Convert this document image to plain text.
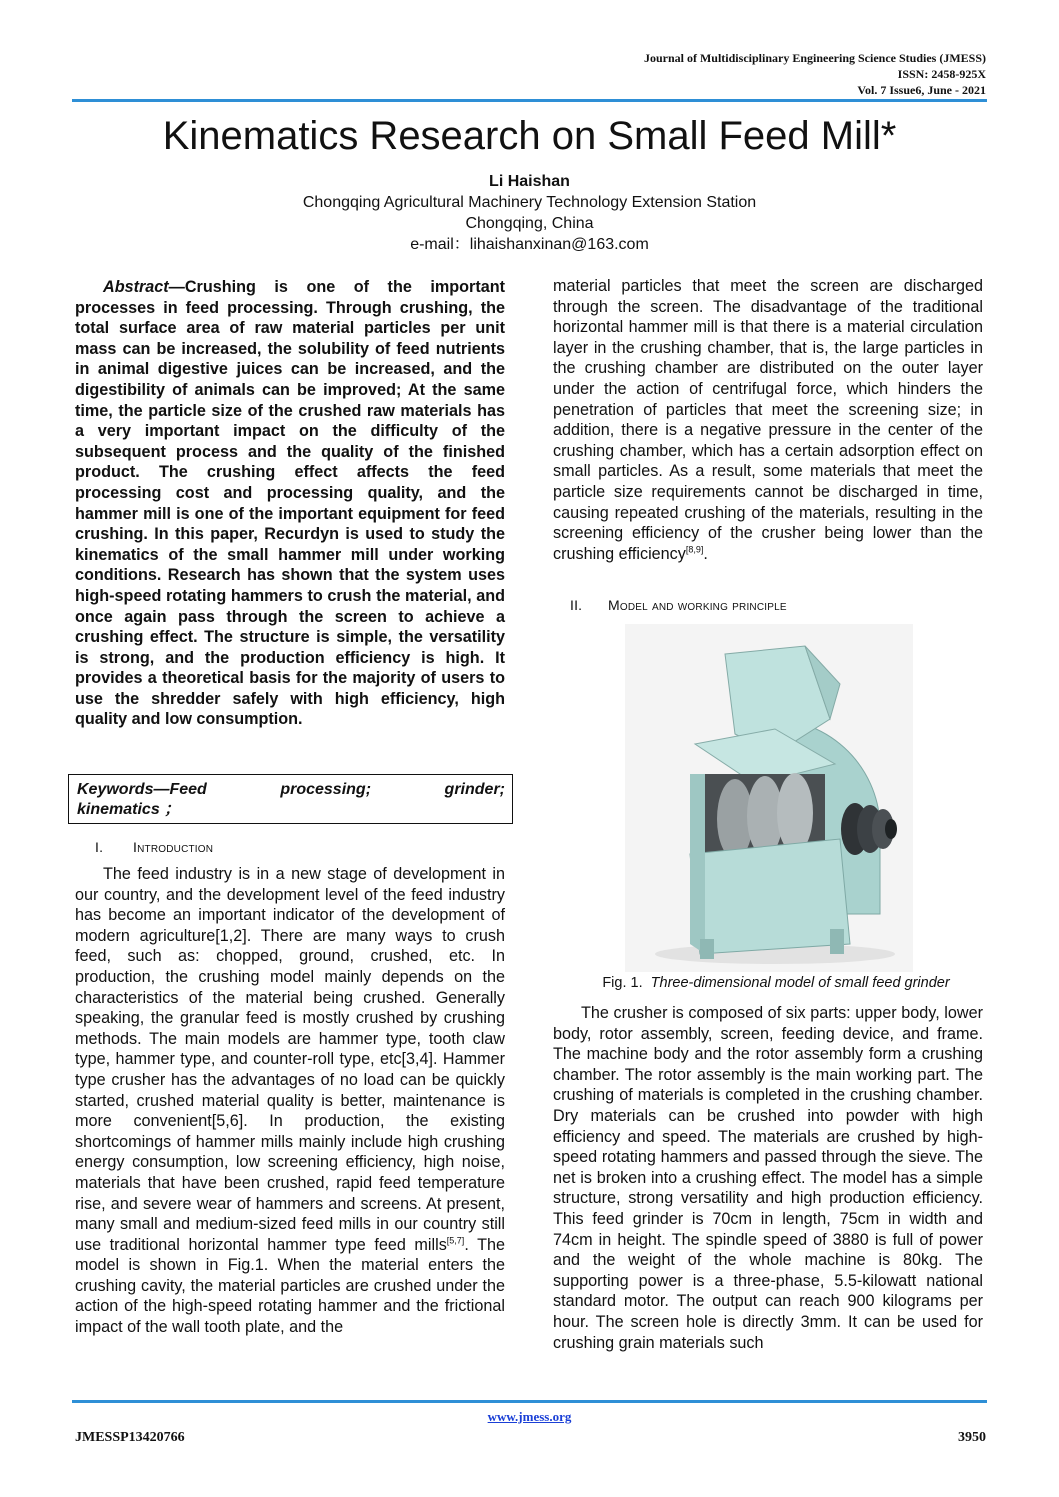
Journal of Multidisciplinary Engineering Science Studies (JMESS)
ISSN: 2458-925X
Vol. 7 Issue6, June - 2021
Kinematics Research on Small Feed Mill*
Li Haishan
Chongqing Agricultural Machinery Technology Extension Station
Chongqing, China
e-mail：lihaishanxinan@163.com

Abstract—Crushing is one of the important processes in feed processing. Through crushing, the total surface area of raw material particles per unit mass can be increased, the solubility of feed nutrients in animal digestive juices can be increased, and the digestibility of animals can be improved; At the same time, the particle size of the crushed raw materials has a very important impact on the difficulty of the subsequent process and the quality of the finished product. The crushing effect affects the feed processing cost and processing quality, and the hammer mill is one of the important equipment for feed crushing. In this paper, Recurdyn is used to study the kinematics of the small hammer mill under working conditions. Research has shown that the system uses high-speed rotating hammers to crush the material, and once again pass through the screen to achieve a crushing effect. The structure is simple, the versatility is strong, and the production efficiency is high. It provides a theoretical basis for the majority of users to use the shredder safely with high efficiency, high quality and low consumption.

Keywords—Feed processing; grinder;
kinematics ；
I. Introduction

The feed industry is in a new stage of development in our country, and the development level of the feed industry has become an important indicator of the development of modern agriculture[1,2]. There are many ways to crush feed, such as: chopped, ground, crushed, etc. In production, the crushing model mainly depends on the characteristics of the material being crushed. Generally speaking, the granular feed is mostly crushed by crushing methods. The main models are hammer type, tooth claw type, hammer type, and counter-roll type, etc[3,4]. Hammer type crusher has the advantages of no load can be quickly started, crushed material quality is better, maintenance is more convenient[5,6]. In production, the existing shortcomings of hammer mills mainly include high crushing energy consumption, low screening efficiency, high noise, materials that have been crushed, rapid feed temperature rise, and severe wear of hammers and screens. At present, many small and medium-sized feed mills in our country still use traditional horizontal hammer type feed mills[5,7]. The model is shown in Fig.1. When the material enters the crushing cavity, the material particles are crushed under the action of the high-speed rotating hammer and the frictional impact of the wall tooth plate, and the

material particles that meet the screen are discharged through the screen. The disadvantage of the traditional horizontal hammer mill is that there is a material circulation layer in the crushing chamber, that is, the large particles in the crushing chamber are distributed on the outer layer under the action of centrifugal force, which hinders the penetration of particles that meet the screening size; in addition, there is a negative pressure in the center of the crushing chamber, which has a certain adsorption effect on small particles. As a result, some materials that meet the particle size requirements cannot be discharged in time, causing repeated crushing of the materials, resulting in the screening efficiency of the crusher being lower than the crushing efficiency[8,9].

II. Model and working principle
Fig. 1. Three-dimensional model of small feed grinder

The crusher is composed of six parts: upper body, lower body, rotor assembly, screen, feeding device, and frame. The machine body and the rotor assembly form a crushing chamber. The rotor assembly is the main working part. The crushing of materials is completed in the crushing chamber. Dry materials can be crushed into powder with high efficiency and speed. The materials are crushed by high-speed rotating hammers and passed through the sieve. The net is broken into a crushing effect. The model has a simple structure, strong versatility and high production efficiency. This feed grinder is 70cm in length, 75cm in width and 74cm in height. The spindle speed of 3880 is full of power and the weight of the whole machine is 80kg. The supporting power is a three-phase, 5.5-kilowatt national standard motor. The output can reach 900 kilograms per hour. The screen hole is directly 3mm. It can be used for crushing grain materials such

www.jmess.org
JMESSP13420766	3950
